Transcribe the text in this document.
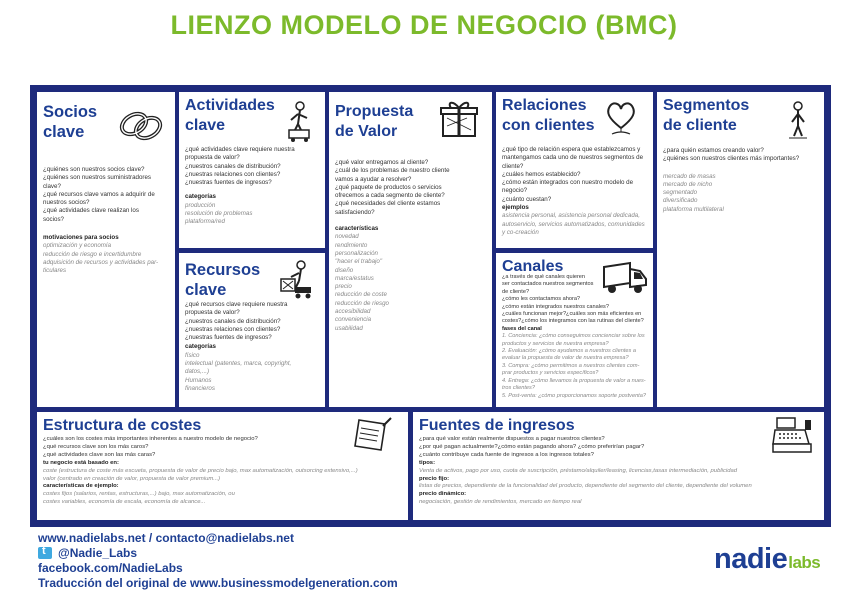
LIENZO MODELO DE NEGOCIO (BMC)
Socios
clave
¿quiénes son nuestros socios clave?
¿quiénes son nuestros suministradores
clave?
¿qué recursos clave vamos a adquirir de
nuestros socios?
¿qué actividades clave realizan los
socios?
motivaciones para socios
optimización y economía
reducción de riesgo e incertidumbre
adquisición de recursos y actividades par-
ticulares
Actividades
clave
¿qué actividades clave requiere nuestra
propuesta de valor?
¿nuestros canales de distribución?
¿nuestras relaciones con clientes?
¿nuestras fuentes de ingresos?
categorías
producción
resolución de problemas
plataforma/red
Recursos
clave
¿qué recursos clave requiere nuestra
propuesta de valor?
¿nuestros canales de distribución?
¿nuestras relaciones con clientes?
¿nuestras fuentes de ingresos?
categorías
físico
intelectual (patentes, marca, copyright,
datos,...)
Humanos
financieros
Propuesta
de Valor
¿qué valor entregamos al cliente?
¿cuál de los problemas de nuestro cliente
vamos a ayudar a resolver?
¿qué paquete de productos o servicios
ofrecemos a cada segmento de cliente?
¿qué necesidades del cliente estamos
satisfaciendo?
características
novedad
rendimiento
personalización
"hacer el trabajo"
diseño
marca/estatus
precio
reducción de coste
reducción de riesgo
accesibilidad
conveniencia
usabilidad
Relaciones
con clientes
¿qué tipo de relación espera que establezcamos y
mantengamos cada uno de nuestros segmentos de
cliente?
¿cuáles hemos establecido?
¿cómo están integrados con nuestro modelo de
negocio?
¿cuánto cuestan?
ejemplos
asistencia personal, asistencia personal dedicada,
autoservicio, servicios automatizados, comunidades
y co-creación
Canales
¿a través de qué canales quieren
ser contactados nuestros segmentos
de cliente?
¿cómo les contactamos ahora?
¿cómo están integrados nuestros canales?
¿cuáles funcionan mejor?¿cuáles son más eficientes en
costes?¿cómo los integramos con las rutinas del cliente?
fases del canal
1. Conciencia: ¿cómo conseguimos concienciar sobre los
productos y servicios de nuestra empresa?
2. Evaluación: ¿cómo ayudamos a nuestros clientes a
evaluar la propuesta de valor de nuestra empresa?
3. Compra: ¿cómo permitimos a nuestros clientes com-
prar productos y servicios específicos?
4. Entrega: ¿cómo llevamos la propuesta de valor a nues-
tros clientes?
5. Post-venta: ¿cómo proporcionamos soporte postventa?
Segmentos
de cliente
¿para quién estamos creando valor?
¿quiénes son nuestros clientes más importantes?
mercado de masas
mercado de nicho
segmentado
diversificado
plataforma multilateral
Estructura de costes
¿cuáles son los costes más importantes inherentes a nuestro modelo de negocio?
¿qué recursos clave son los más caros?
¿qué actividades clave son las más caras?
tu negocio está basado en:
coste (estructura de coste más escueta, propuesta de valor de precio bajo, max automatización, outsorcing extensivo,...)
valor (centrado en creación de valor, propuesta de valor premium...)
características de ejemplo:
costes fijos (salarios, rentas, estructuras,...) bajo, max automatización, ou
costes variables, economía de escala, economía de alcance...
Fuentes de ingresos
¿para qué valor están realmente dispuestos a pagar nuestros clientes?
¿por qué pagan actualmente?¿cómo están pagando ahora? ¿cómo preferirían pagar?
¿cuánto contribuye cada fuente de ingresos a los ingresos totales?
tipos:
Venta de activos, pago por uso, cuota de suscripción, préstamo/alquiler/leasing, licencias,tasas intermediación, publicidad
precio fijo:
listas de precios, dependiente de la funcionalidad del producto, dependiente del segmento del cliente, dependiente del volumen
precio dinámico:
negociación, gestión de rendimientos, mercado en tiempo real
www.nadielabs.net / contacto@nadielabs.net
t@Nadie_Labs
facebook.com/NadieLabs
Traducción del original de www.businessmodelgeneration.com
nadielabs
